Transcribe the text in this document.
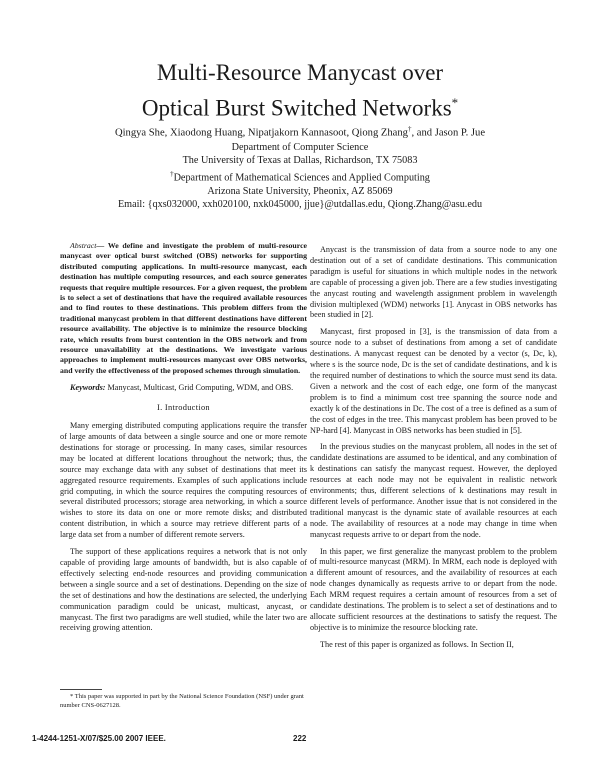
Multi-Resource Manycast over
Optical Burst Switched Networks*
Qingya She, Xiaodong Huang, Nipatjakorn Kannasoot, Qiong Zhang†, and Jason P. Jue
Department of Computer Science
The University of Texas at Dallas, Richardson, TX 75083
†Department of Mathematical Sciences and Applied Computing
Arizona State University, Pheonix, AZ 85069
Email: {qxs032000, xxh020100, nxk045000, jjue}@utdallas.edu, Qiong.Zhang@asu.edu

Abstract— We define and investigate the problem of multi-resource manycast over optical burst switched (OBS) networks for supporting distributed computing applications. In multi-resource manycast, each destination has multiple computing resources, and each source generates requests that require multiple resources. For a given request, the problem is to select a set of destinations that have the required available resources and to find routes to these destinations. This problem differs from the traditional manycast problem in that different destinations have different resource availability. The objective is to minimize the resource blocking rate, which results from burst contention in the OBS network and from resource unavailability at the destinations. We investigate various approaches to implement multi-resources manycast over OBS networks, and verify the effectiveness of the proposed schemes through simulation.

Keywords: Manycast, Multicast, Grid Computing, WDM, and OBS.

I. Introduction

Many emerging distributed computing applications require the transfer of large amounts of data between a single source and one or more remote destinations for storage or processing. In many cases, similar resources may be located at different locations throughout the network; thus, the source may exchange data with any subset of destinations that meet its aggregated resource requirements. Examples of such applications include grid computing, in which the source requires the computing resources of several distributed processors; storage area networking, in which a source wishes to store its data on one or more remote disks; and distributed content distribution, in which a source may retrieve different parts of a large data set from a number of different remote servers.

The support of these applications requires a network that is not only capable of providing large amounts of bandwidth, but is also capable of effectively selecting end-node resources and providing communication between a single source and a set of destinations. Depending on the size of the set of destinations and how the destinations are selected, the underlying communication paradigm could be unicast, multicast, anycast, or manycast. The first two paradigms are well studied, while the later two are receiving growing attention.

* This paper was supported in part by the National Science Foundation (NSF) under grant number CNS-0627128.

Anycast is the transmission of data from a source node to any one destination out of a set of candidate destinations. This communication paradigm is useful for situations in which multiple nodes in the network are capable of processing a given job. There are a few studies investigating the anycast routing and wavelength assignment problem in wavelength division multiplexed (WDM) networks [1]. Anycast in OBS networks has been studied in [2].

Manycast, first proposed in [3], is the transmission of data from a source node to a subset of destinations from among a set of candidate destinations. A manycast request can be denoted by a vector (s, Dc, k), where s is the source node, Dc is the set of candidate destinations, and k is the required number of destinations to which the source must send its data. Given a network and the cost of each edge, one form of the manycast problem is to find a minimum cost tree spanning the source node and exactly k of the destinations in Dc. The cost of a tree is defined as a sum of the cost of edges in the tree. This manycast problem has been proved to be NP-hard [4]. Manycast in OBS networks has been studied in [5].

In the previous studies on the manycast problem, all nodes in the set of candidate destinations are assumed to be identical, and any combination of k destinations can satisfy the manycast request. However, the deployed resources at each node may not be equivalent in realistic network environments; thus, different selections of k destinations may result in different levels of performance. Another issue that is not considered in the traditional manycast is the dynamic state of available resources at each node. The availability of resources at a node may change in time when manycast requests arrive to or depart from the node.

In this paper, we first generalize the manycast problem to the problem of multi-resource manycast (MRM). In MRM, each node is deployed with a different amount of resources, and the availability of resources at each node changes dynamically as requests arrive to or depart from the node. Each MRM request requires a certain amount of resources from a set of candidate destinations. The problem is to select a set of destinations and to allocate sufficient resources at the destinations to satisfy the request. The objective is to minimize the resource blocking rate.

The rest of this paper is organized as follows. In Section II,

1-4244-1251-X/07/$25.00 2007 IEEE.	222
